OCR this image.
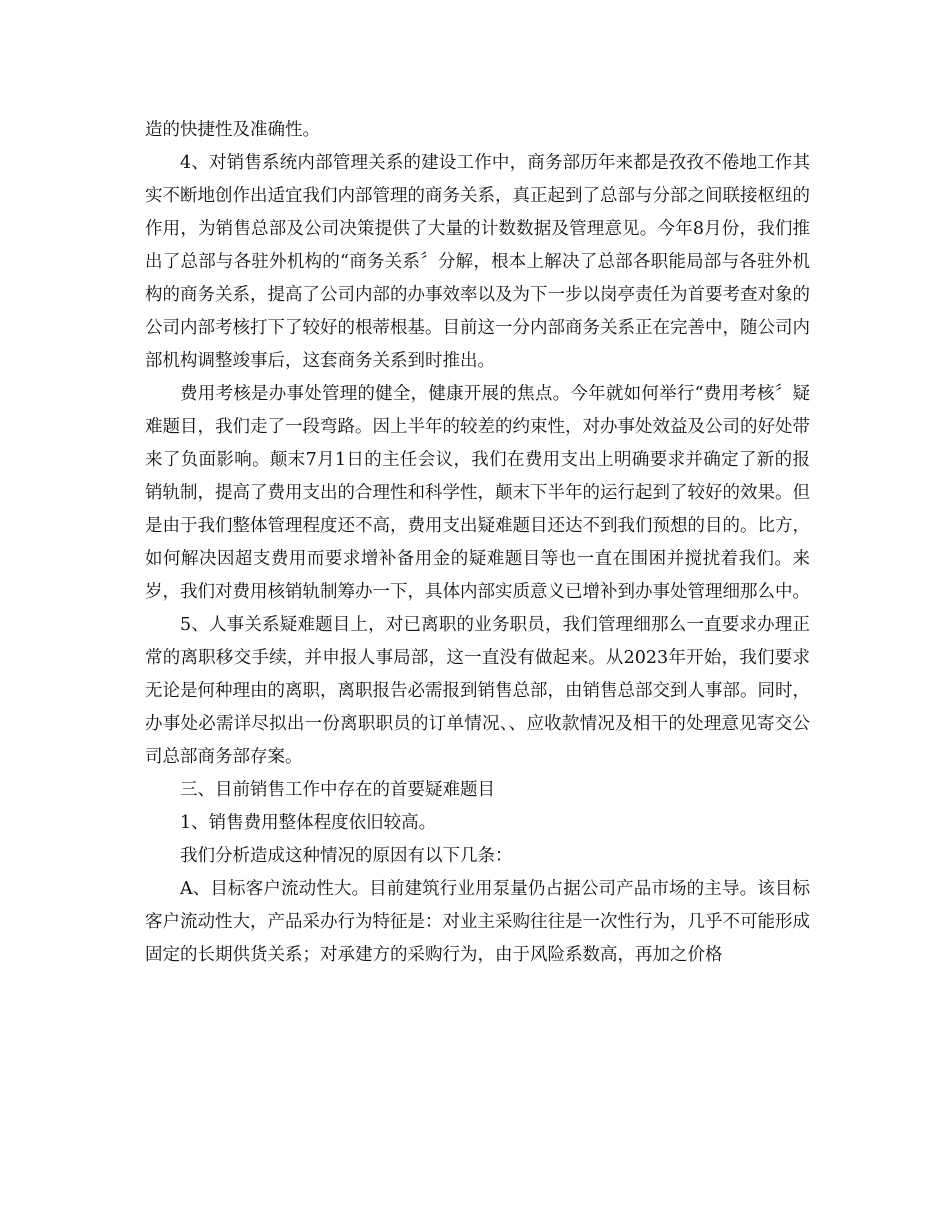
造的快捷性及准确性。

4、对销售系统内部管理关系的建设工作中，商务部历年来都是孜孜不倦地工作其实不断地创作出适宜我们内部管理的商务关系，真正起到了总部与分部之间联接枢纽的作用，为销售总部及公司决策提供了大量的计数数据及管理意见。今年8月份，我们推出了总部与各驻外机构的“商务关系〞分解，根本上解决了总部各职能局部与各驻外机构的商务关系，提高了公司内部的办事效率以及为下一步以岗亭责任为首要考查对象的公司内部考核打下了较好的根蒂根基。目前这一分内部商务关系正在完善中，随公司内部机构调整竣事后，这套商务关系到时推出。

费用考核是办事处管理的健全，健康开展的焦点。今年就如何举行“费用考核〞疑难题目，我们走了一段弯路。因上半年的较差的约束性，对办事处效益及公司的好处带来了负面影响。颠末7月1日的主任会议，我们在费用支出上明确要求并确定了新的报销轨制，提高了费用支出的合理性和科学性，颠末下半年的运行起到了较好的效果。但是由于我们整体管理程度还不高，费用支出疑难题目还达不到我们预想的目的。比方，如何解决因超支费用而要求增补备用金的疑难题目等也一直在围困并搅扰着我们。来岁，我们对费用核销轨制筹办一下，具体内部实质意义已增补到办事处管理细那么中。

5、人事关系疑难题目上，对已离职的业务职员，我们管理细那么一直要求办理正常的离职移交手续，并申报人事局部，这一直没有做起来。从2023年开始，我们要求无论是何种理由的离职，离职报告必需报到销售总部，由销售总部交到人事部。同时，办事处必需详尽拟出一份离职职员的订单情况、、应收款情况及相干的处理意见寄交公司总部商务部存案。

三、目前销售工作中存在的首要疑难题目

1、销售费用整体程度依旧较高。

我们分析造成这种情况的原因有以下几条：

A、目标客户流动性大。目前建筑行业用泵量仍占据公司产品市场的主导。该目标客户流动性大，产品采办行为特征是：对业主采购往往是一次性行为，几乎不可能形成固定的长期供货关系；对承建方的采购行为，由于风险系数高，再加之价格
